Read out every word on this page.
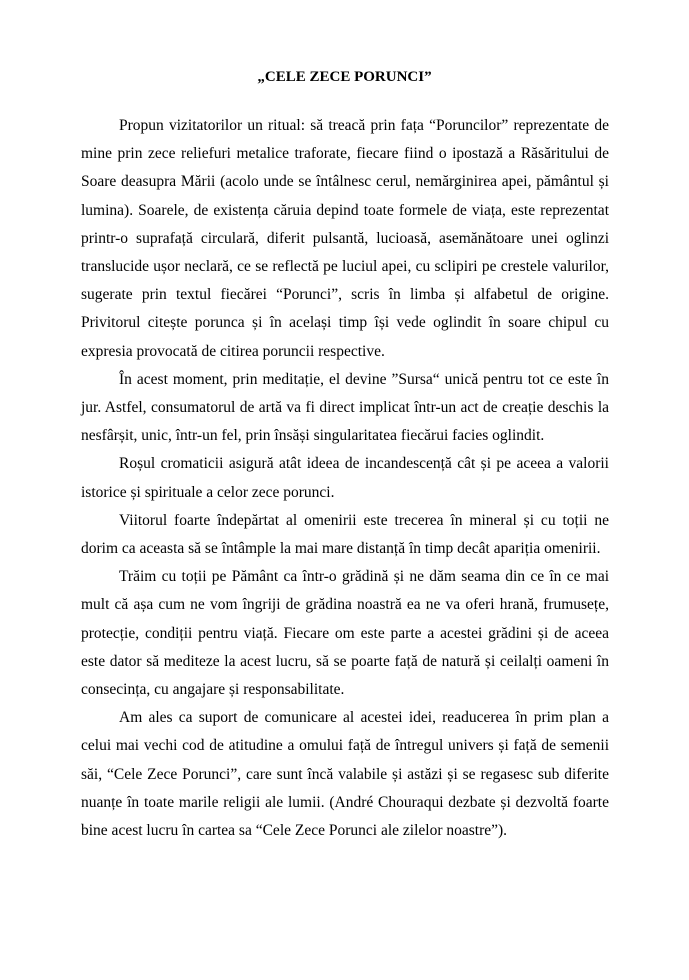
„CELE ZECE PORUNCI”

Propun vizitatorilor un ritual: să treacă prin fața “Poruncilor” reprezentate de mine prin zece reliefuri metalice traforate, fiecare fiind o ipostază a Răsăritului de Soare deasupra Mării (acolo unde se întâlnesc cerul, nemărginirea apei, pământul și lumina). Soarele, de existența căruia depind toate formele de viața, este reprezentat printr-o suprafață circulară, diferit pulsantă, lucioasă, asemănătoare unei oglinzi translucide ușor neclară, ce se reflectă pe luciul apei, cu sclipiri pe crestele valurilor, sugerate prin textul fiecărei “Porunci”, scris în limba și alfabetul de origine. Privitorul citește porunca și în același timp își vede oglindit în soare chipul cu expresia provocată de citirea poruncii respective.

În acest moment, prin meditație, el devine ”Sursa“ unică pentru tot ce este în jur. Astfel, consumatorul de artă va fi direct implicat într-un act de creație deschis la nesfârșit, unic, într-un fel, prin însăși singularitatea fiecărui facies oglindit.

Roșul cromaticii asigură atât ideea de incandescență cât și pe aceea a valorii istorice și spirituale a celor zece porunci.

Viitorul foarte îndepărtat al omenirii este trecerea în mineral și cu toții ne dorim ca aceasta să se întâmple la mai mare distanță în timp decât apariția omenirii.

Trăim cu toții pe Pământ ca într-o grădină și ne dăm seama din ce în ce mai mult că așa cum ne vom îngriji de grădina noastră ea ne va oferi hrană, frumusețe, protecție, condiții pentru viață. Fiecare om este parte a acestei grădini și de aceea este dator să mediteze la acest lucru, să se poarte față de natură și ceilalți oameni în consecința, cu angajare și responsabilitate.

Am ales ca suport de comunicare al acestei idei, readucerea în prim plan a celui mai vechi cod de atitudine a omului față de întregul univers și față de semenii săi, “Cele Zece Porunci”, care sunt încă valabile și astăzi și se regasesc sub diferite nuanțe în toate marile religii ale lumii. (André Chouraqui dezbate și dezvoltă foarte bine acest lucru în cartea sa “Cele Zece Porunci ale zilelor noastre”).
